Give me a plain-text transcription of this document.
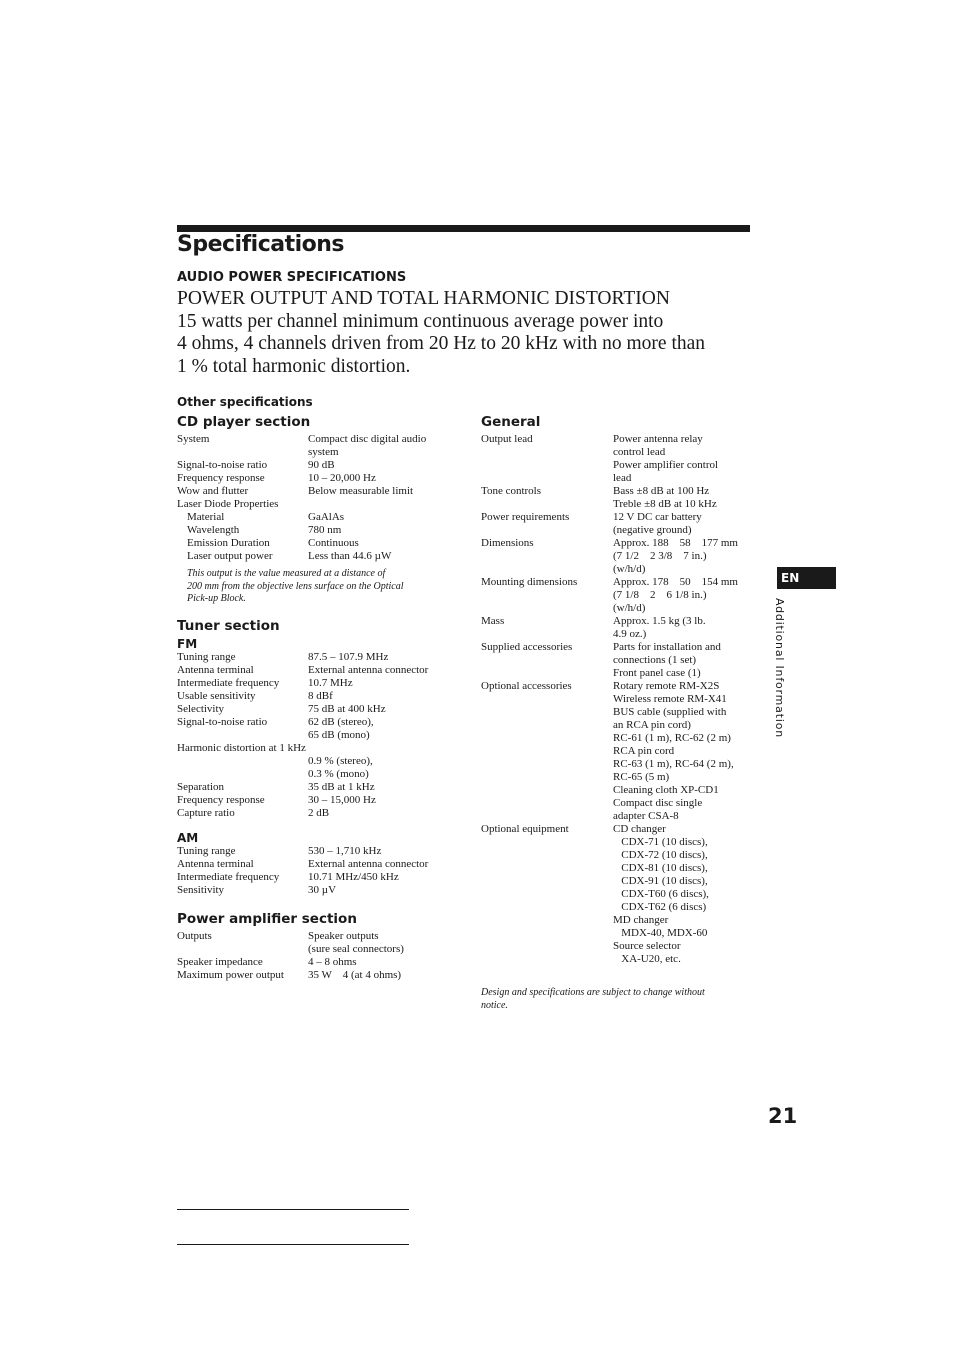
Specifications
AUDIO POWER SPECIFICATIONS
POWER OUTPUT AND TOTAL HARMONIC DISTORTION
15 watts per channel minimum continuous average power into
4 ohms, 4 channels driven from 20 Hz to 20 kHz with no more than
1 % total harmonic distortion.
Other specifications
CD player section
System	Compact disc digital audio
system
Signal-to-noise ratio	90 dB
Frequency response	10 – 20,000 Hz
Wow and flutter	Below measurable limit
Laser Diode Properties
Material	GaAlAs
Wavelength	780 nm
Emission Duration	Continuous
Laser output power	Less than 44.6 µW
This output is the value measured at a distance of
200 mm from the objective lens surface on the Optical
Pick-up Block.
Tuner section
FM
Tuning range	87.5 – 107.9 MHz
Antenna terminal	External antenna connector
Intermediate frequency	10.7 MHz
Usable sensitivity	8 dBf
Selectivity	75 dB at 400 kHz
Signal-to-noise ratio	62 dB (stereo),
65 dB (mono)
Harmonic distortion at 1 kHz
0.9 % (stereo),
0.3 % (mono)
Separation	35 dB at 1 kHz
Frequency response	30 – 15,000 Hz
Capture ratio	2 dB
AM
Tuning range	530 – 1,710 kHz
Antenna terminal	External antenna connector
Intermediate frequency	10.71 MHz/450 kHz
Sensitivity	30 µV
Power amplifier section
Outputs	Speaker outputs
(sure seal connectors)
Speaker impedance	4 – 8 ohms
Maximum power output 35 W    4 (at 4 ohms)
General
Output lead	Power antenna relay
control lead
Power amplifier control
lead
Tone controls	Bass ±8 dB at 100 Hz
Treble ±8 dB at 10 kHz
Power requirements	12 V DC car battery
(negative ground)
Dimensions	Approx. 188    58    177 mm
(7 1/2    2 3/8    7 in.)
(w/h/d)
Mounting dimensions	Approx. 178    50    154 mm
(7 1/8    2    6 1/8 in.)
(w/h/d)
Mass	Approx. 1.5 kg (3 lb.
4.9 oz.)
Supplied accessories	Parts for installation and
connections (1 set)
Front panel case (1)
Optional accessories	Rotary remote RM-X2S
Wireless remote RM-X41
BUS cable (supplied with
an RCA pin cord)
RC-61 (1 m), RC-62 (2 m)
RCA pin cord
RC-63 (1 m), RC-64 (2 m),
RC-65 (5 m)
Cleaning cloth XP-CD1
Compact disc single
adapter CSA-8
Optional equipment	CD changer
CDX-71 (10 discs),
CDX-72 (10 discs),
CDX-81 (10 discs),
CDX-91 (10 discs),
CDX-T60 (6 discs),
CDX-T62 (6 discs)
MD changer
MDX-40, MDX-60
Source selector
XA-U20, etc.
Design and specifications are subject to change without
notice.
EN
Additional Information
21
